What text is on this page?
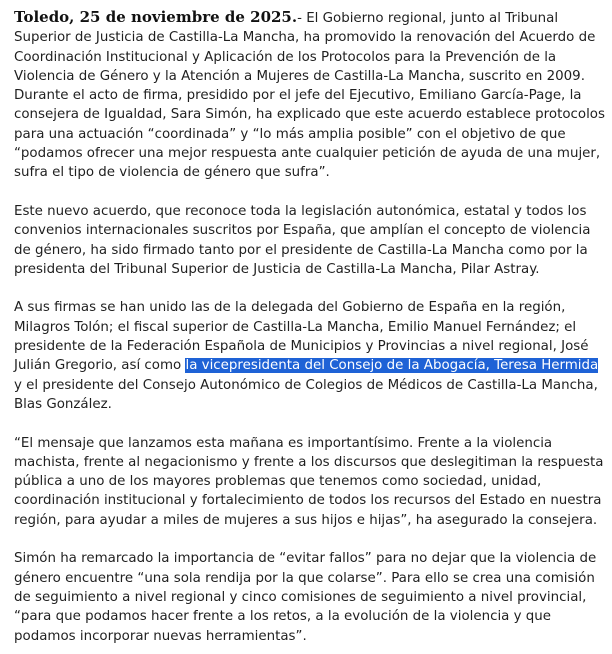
Toledo, 25 de noviembre de 2025.- El Gobierno regional, junto al Tribunal Superior de Justicia de Castilla-La Mancha, ha promovido la renovación del Acuerdo de Coordinación Institucional y Aplicación de los Protocolos para la Prevención de la Violencia de Género y la Atención a Mujeres de Castilla-La Mancha, suscrito en 2009.
Durante el acto de firma, presidido por el jefe del Ejecutivo, Emiliano García-Page, la consejera de Igualdad, Sara Simón, ha explicado que este acuerdo establece protocolos para una actuación “coordinada” y “lo más amplia posible” con el objetivo de que “podamos ofrecer una mejor respuesta ante cualquier petición de ayuda de una mujer, sufra el tipo de violencia de género que sufra”.

Este nuevo acuerdo, que reconoce toda la legislación autonómica, estatal y todos los convenios internacionales suscritos por España, que amplían el concepto de violencia de género, ha sido firmado tanto por el presidente de Castilla-La Mancha como por la presidenta del Tribunal Superior de Justicia de Castilla-La Mancha, Pilar Astray.

A sus firmas se han unido las de la delegada del Gobierno de España en la región, Milagros Tolón; el fiscal superior de Castilla-La Mancha, Emilio Manuel Fernández; el presidente de la Federación Española de Municipios y Provincias a nivel regional, José Julián Gregorio, así como la vicepresidenta del Consejo de la Abogacía, Teresa Hermida y el presidente del Consejo Autonómico de Colegios de Médicos de Castilla-La Mancha, Blas González.

“El mensaje que lanzamos esta mañana es importantísimo. Frente a la violencia machista, frente al negacionismo y frente a los discursos que deslegitiman la respuesta pública a uno de los mayores problemas que tenemos como sociedad, unidad, coordinación institucional y fortalecimiento de todos los recursos del Estado en nuestra región, para ayudar a miles de mujeres a sus hijos e hijas”, ha asegurado la consejera.

Simón ha remarcado la importancia de “evitar fallos” para no dejar que la violencia de género encuentre “una sola rendija por la que colarse”. Para ello se crea una comisión de seguimiento a nivel regional y cinco comisiones de seguimiento a nivel provincial, “para que podamos hacer frente a los retos, a la evolución de la violencia y que podamos incorporar nuevas herramientas”.
